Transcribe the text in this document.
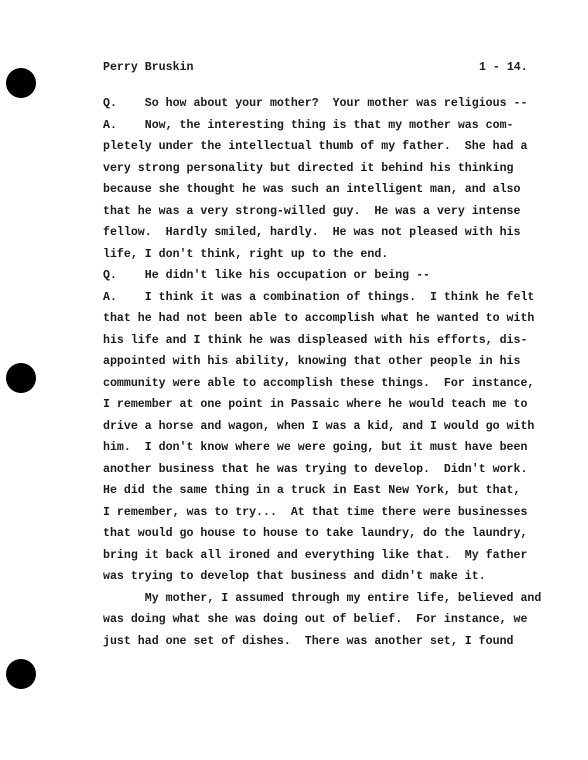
Perry Bruskin	1 - 14.
Q.    So how about your mother?  Your mother was religious --
A.    Now, the interesting thing is that my mother was com-
pletely under the intellectual thumb of my father.  She had a
very strong personality but directed it behind his thinking
because she thought he was such an intelligent man, and also
that he was a very strong-willed guy.  He was a very intense
fellow.  Hardly smiled, hardly.  He was not pleased with his
life, I don't think, right up to the end.
Q.    He didn't like his occupation or being --
A.    I think it was a combination of things.  I think he felt
that he had not been able to accomplish what he wanted to with
his life and I think he was displeased with his efforts, dis-
appointed with his ability, knowing that other people in his
community were able to accomplish these things.  For instance,
I remember at one point in Passaic where he would teach me to
drive a horse and wagon, when I was a kid, and I would go with
him.  I don't know where we were going, but it must have been
another business that he was trying to develop.  Didn't work.
He did the same thing in a truck in East New York, but that,
I remember, was to try...  At that time there were businesses
that would go house to house to take laundry, do the laundry,
bring it back all ironed and everything like that.  My father
was trying to develop that business and didn't make it.
My mother, I assumed through my entire life, believed and
was doing what she was doing out of belief.  For instance, we
just had one set of dishes.  There was another set, I found
